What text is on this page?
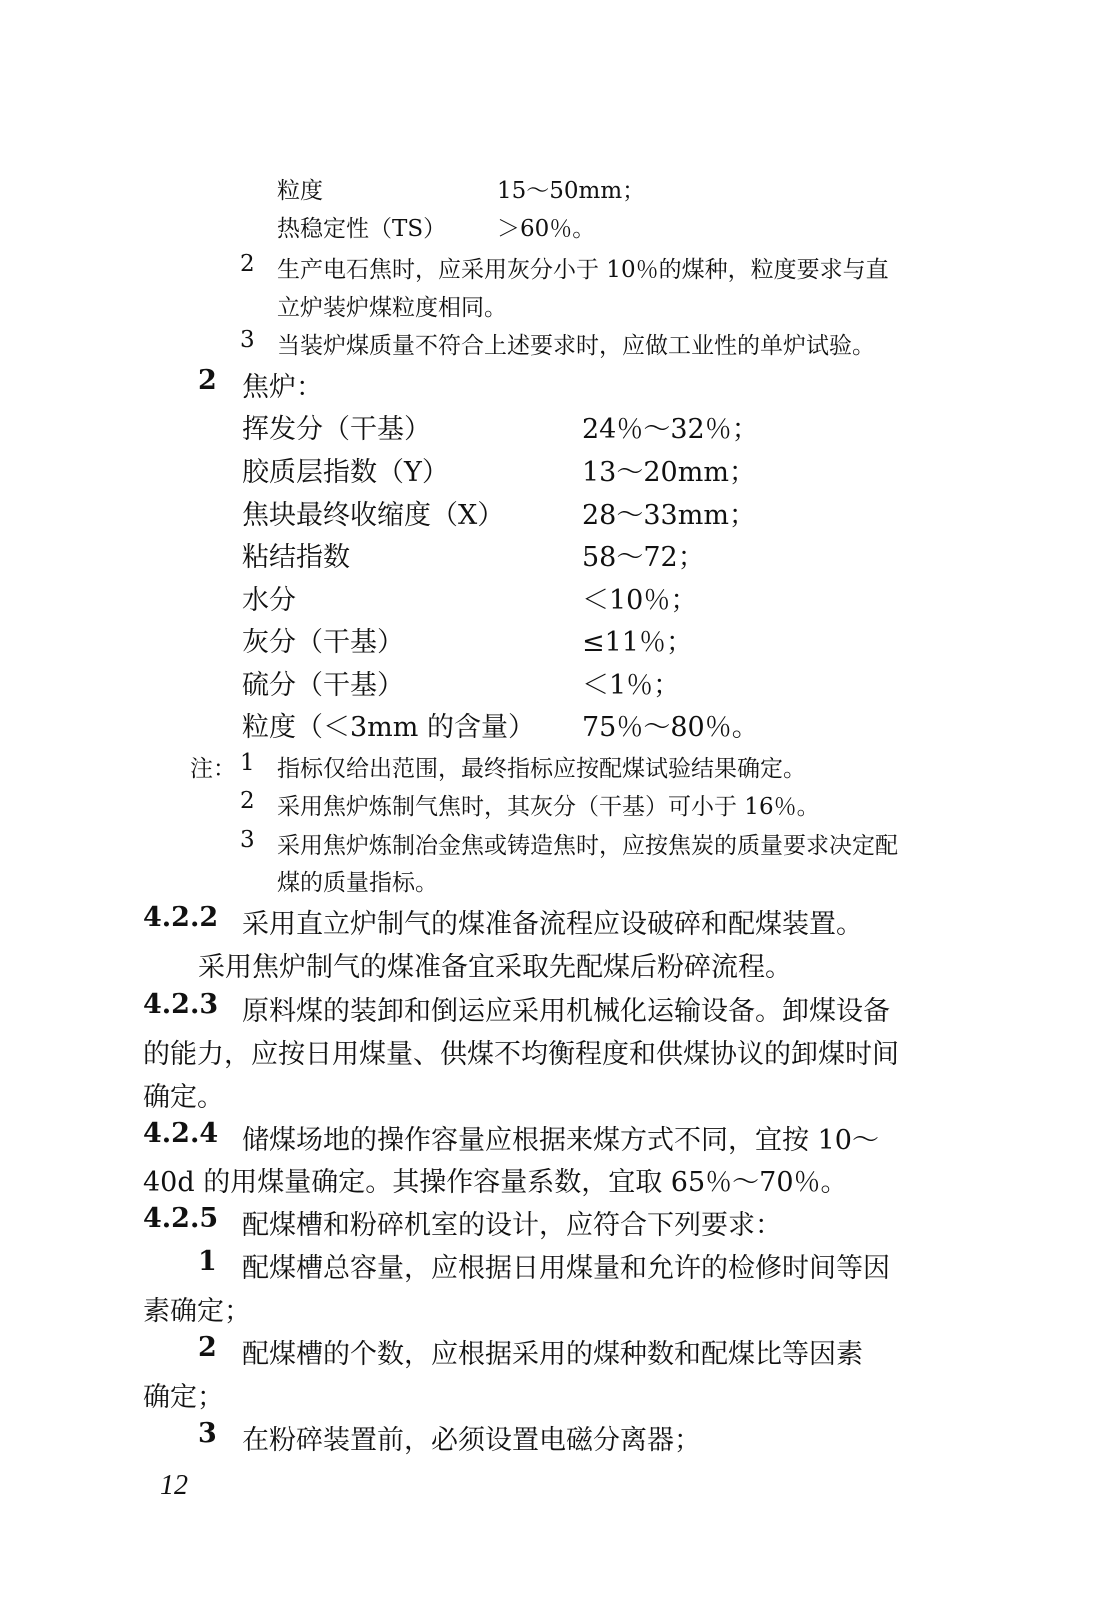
粒度	15～50mm；
热稳定性（TS） ＞60％。
2 生产电石焦时，应采用灰分小于 10％的煤种，粒度要求与直
立炉装炉煤粒度相同。
3 当装炉煤质量不符合上述要求时，应做工业性的单炉试验。
2 焦炉：
挥发分（干基）	24％～32％；
胶质层指数（Y）	13～20mm；
焦块最终收缩度（X）	28～33mm；
粘结指数	58～72；
水分	＜10％；
灰分（干基）	≤11％；
硫分（干基）	＜1％；
粒度（＜3mm 的含量） 75％～80％。
注： 1 指标仅给出范围，最终指标应按配煤试验结果确定。
2 采用焦炉炼制气焦时，其灰分（干基）可小于 16％。
3 采用焦炉炼制冶金焦或铸造焦时，应按焦炭的质量要求决定配
煤的质量指标。
4.2.2 采用直立炉制气的煤准备流程应设破碎和配煤装置。
采用焦炉制气的煤准备宜采取先配煤后粉碎流程。
4.2.3 原料煤的装卸和倒运应采用机械化运输设备。卸煤设备
的能力，应按日用煤量、供煤不均衡程度和供煤协议的卸煤时间
确定。
4.2.4 储煤场地的操作容量应根据来煤方式不同，宜按 10～
40d 的用煤量确定。其操作容量系数，宜取 65％～70％。
4.2.5 配煤槽和粉碎机室的设计，应符合下列要求：
1 配煤槽总容量，应根据日用煤量和允许的检修时间等因
素确定；
2 配煤槽的个数，应根据采用的煤种数和配煤比等因素
确定；
3 在粉碎装置前，必须设置电磁分离器；
12
